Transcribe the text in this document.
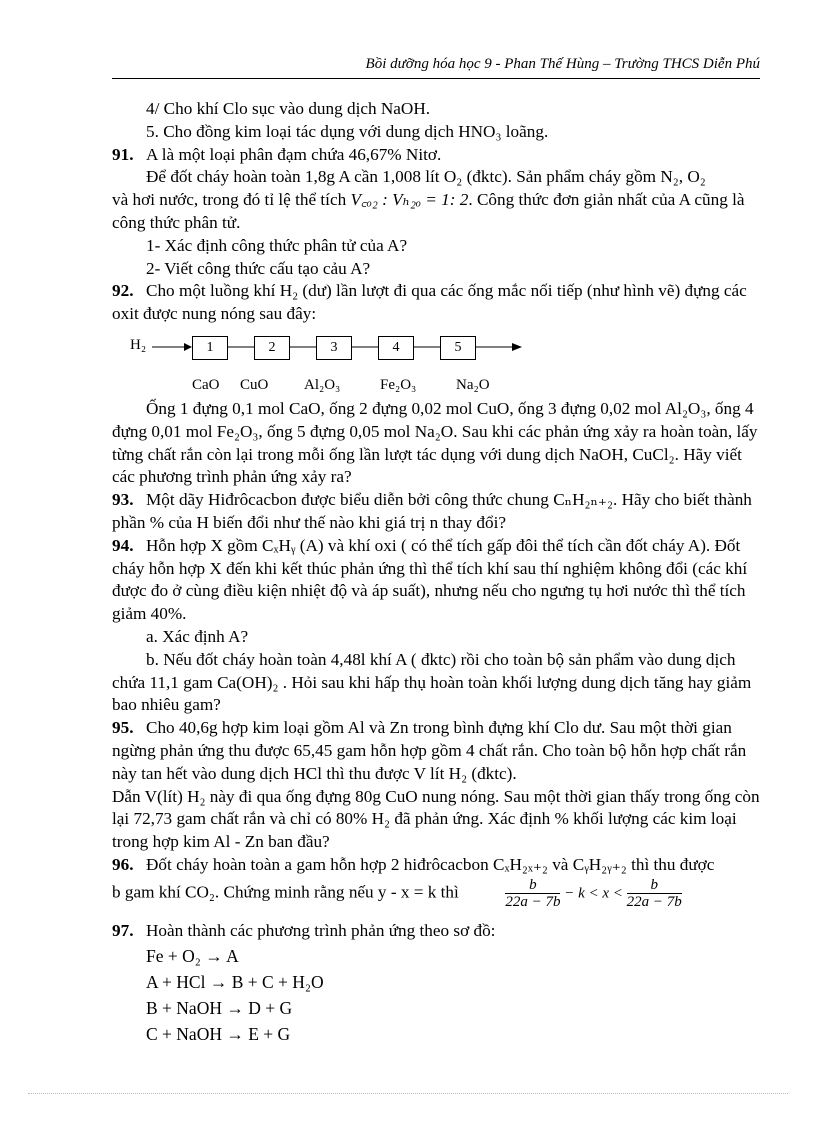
Bồi dưỡng hóa học 9 - Phan Thế Hùng – Trường THCS Diễn Phú

4/ Cho khí Clo sục vào dung dịch NaOH.

5. Cho đồng kim loại tác dụng với dung dịch HNO₃ loãng.

91. A là một loại phân đạm chứa 46,67% Nitơ.

Để đốt cháy hoàn toàn 1,8g A cần 1,008 lít O₂ (đktc). Sản phẩm cháy gồm N₂, O₂

và hơi nước, trong đó tỉ lệ thể tích V꜀ₒ₂ : Vₕ₂ₒ = 1: 2. Công thức đơn giản nhất của A cũng là công thức phân tử.

1- Xác định công thức phân tử của A?

2- Viết công thức cấu tạo cảu A?

92. Cho một luồng khí H₂ (dư) lần lượt đi qua các ống mắc nối tiếp (như hình vẽ) đựng các oxit được nung nóng sau đây:

H₂	1	2	3	4	5
CaO CuO Al₂O₃	Fe₂O₃	Na₂O

Ống 1 đựng 0,1 mol CaO, ống 2 đựng 0,02 mol CuO, ống 3 đựng 0,02 mol Al₂O₃, ống 4 đựng 0,01 mol Fe₂O₃, ống 5 đựng 0,05 mol Na₂O. Sau khi các phản ứng xảy ra hoàn toàn, lấy từng chất rắn còn lại trong mỗi ống lần lượt tác dụng với dung dịch NaOH, CuCl₂. Hãy viết các phương trình phản ứng xảy ra?

93. Một dãy Hiđrôcacbon được biểu diễn bởi công thức chung CₙH₂ₙ₊₂. Hãy cho biết thành phần % của H biến đổi như thế nào khi giá trị n thay đổi?

94. Hỗn hợp X gồm CₓHᵧ (A) và khí oxi ( có thể tích gấp đôi thể tích cần đốt cháy A). Đốt cháy hỗn hợp X đến khi kết thúc phản ứng thì thể tích khí sau thí nghiệm không đổi (các khí được đo ở cùng điều kiện nhiệt độ và áp suất), nhưng nếu cho ngưng tụ hơi nước thì thể tích giảm 40%.

a. Xác định A?

b. Nếu đốt cháy hoàn toàn 4,48l khí A ( đktc) rồi cho toàn bộ sản phẩm vào dung dịch chứa 11,1 gam Ca(OH)₂ . Hỏi sau khi hấp thụ hoàn toàn khối lượng dung dịch tăng hay giảm bao nhiêu gam?

95. Cho 40,6g hợp kim loại gồm Al và Zn trong bình đựng khí Clo dư. Sau một thời gian ngừng phản ứng thu được 65,45 gam hỗn hợp gồm 4 chất rắn. Cho toàn bộ hỗn hợp chất rắn này tan hết vào dung dịch HCl thì thu được V lít H₂ (đktc).

Dẫn V(lít) H₂ này đi qua ống đựng 80g CuO nung nóng. Sau một thời gian thấy trong ống còn lại 72,73 gam chất rắn và chỉ có 80% H₂ đã phản ứng. Xác định % khối lượng các kim loại trong hợp kim Al - Zn ban đầu?

96. Đốt cháy hoàn toàn a gam hỗn hợp 2 hiđrôcacbon CₓH₂ₓ₊₂ và CᵧH₂ᵧ₊₂ thì thu được

b gam khí CO₂. Chứng minh rằng nếu y - x = k thì	$\frac{b}{22a - 7b} - k < x < \frac{b}{22a - 7b}$

97. Hoàn thành các phương trình phản ứng theo sơ đồ:

Fe + O₂ → A
A + HCl → B + C + H₂O
B + NaOH → D + G
C + NaOH → E + G
